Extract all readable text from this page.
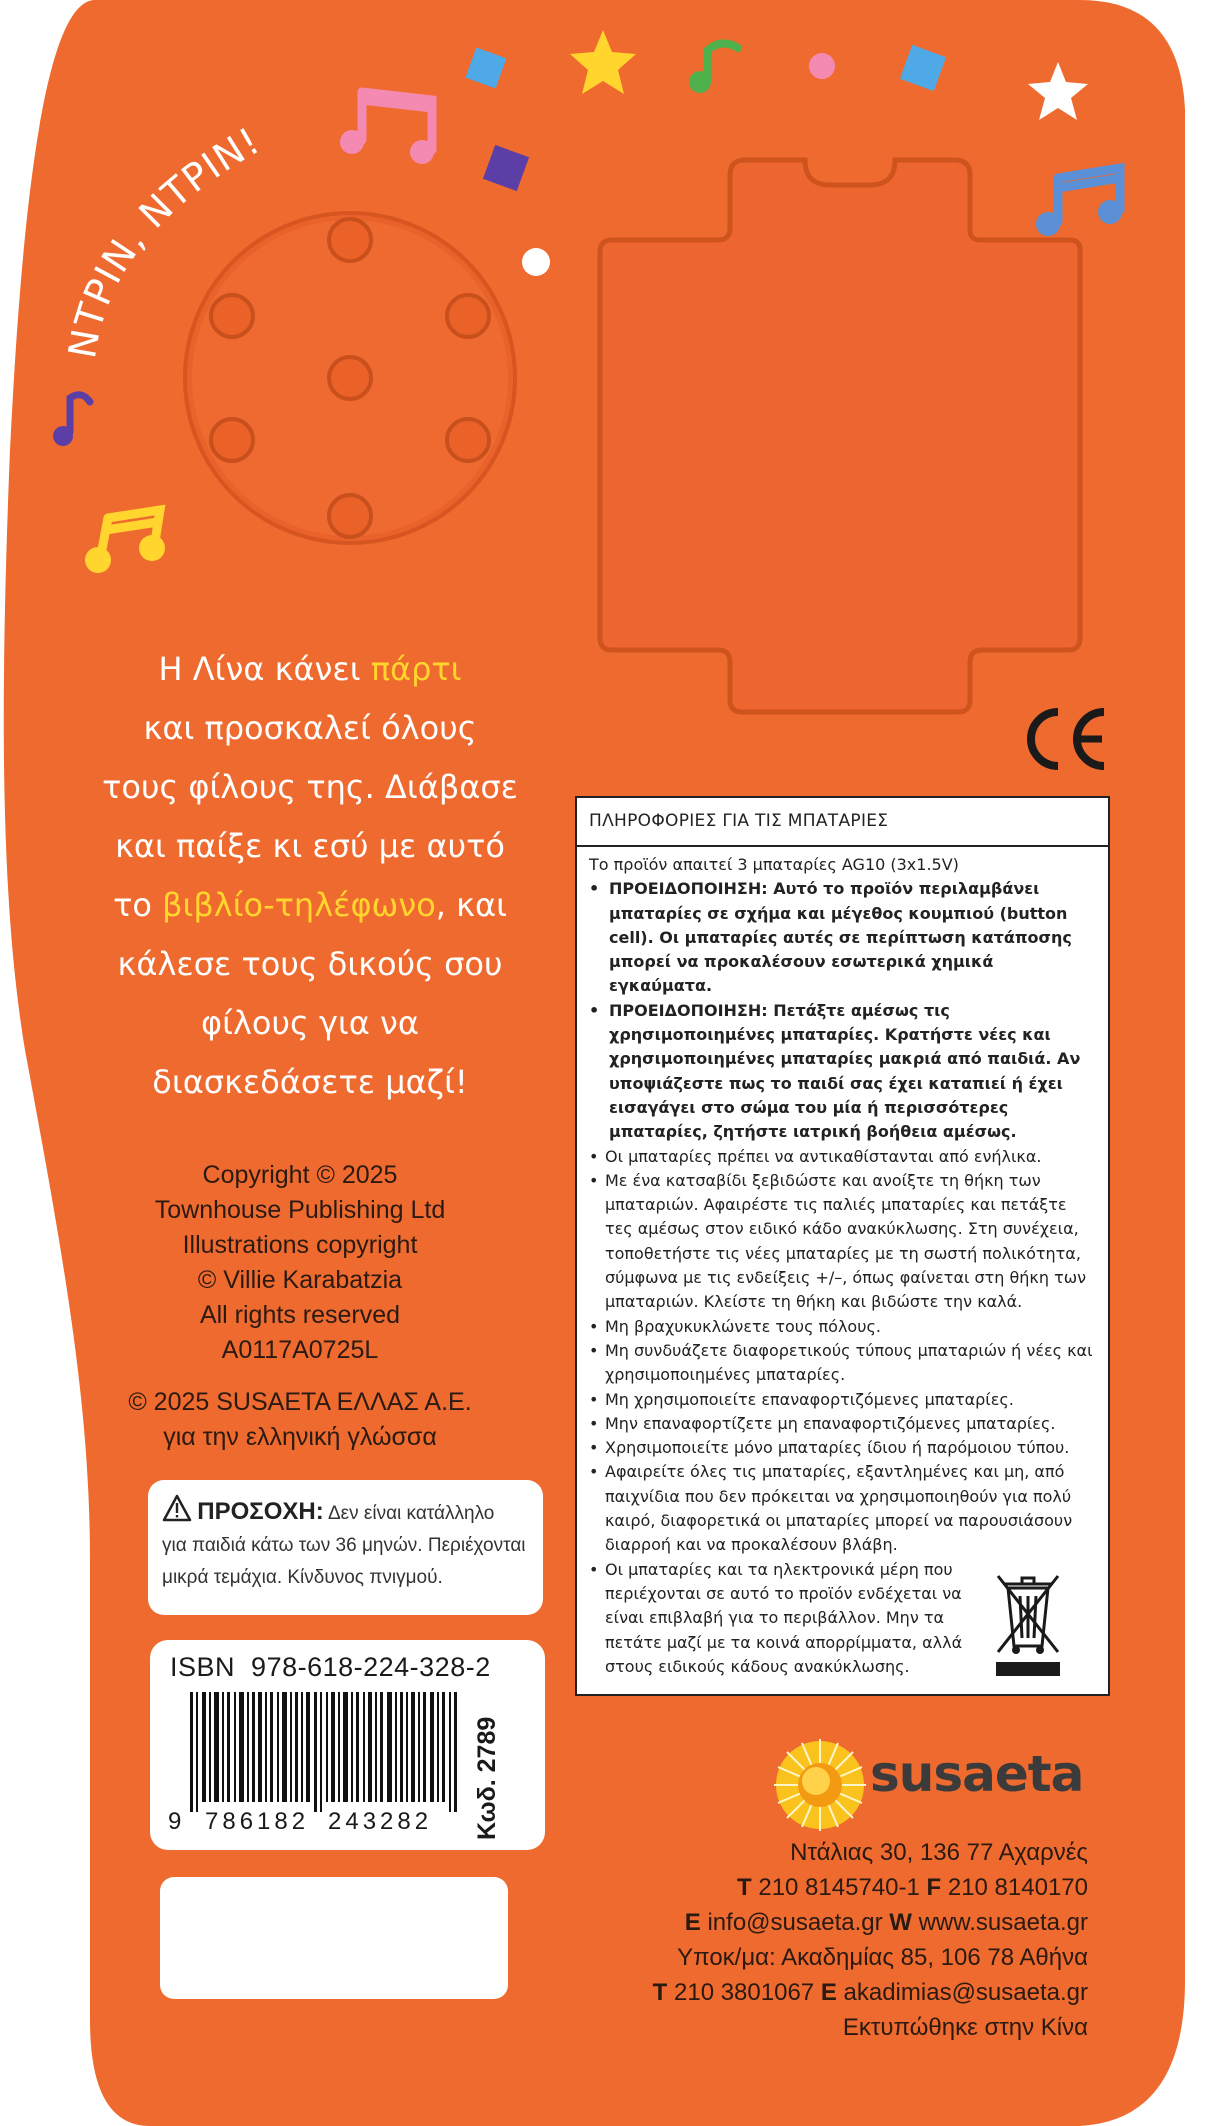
ΝΤΡΙΝ, ΝΤΡΙΝ!
Η Λίνα κάνει πάρτι
και προσκαλεί όλους
τους φίλους της. Διάβασε
και παίξε κι εσύ με αυτό
το βιβλίο-τηλέφωνο, και
κάλεσε τους δικούς σου
φίλους για να
διασκεδάσετε μαζί!
Copyright © 2025
Townhouse Publishing Ltd
Illustrations copyright
© Villie Karabatzia
All rights reserved
A0117A0725L
© 2025 SUSAETA ΕΛΛΑΣ Α.Ε.
για την ελληνική γλώσσα
ΠΡΟΣΟΧΗ: Δεν είναι κατάλληλο
για παιδιά κάτω των 36 μηνών. Περιέχονται
μικρά τεμάχια. Κίνδυνος πνιγμού.
ISBN 978-618-224-328-2
9 786182 243282 Κωδ. 2789
ΠΛΗΡΟΦΟΡΙΕΣ ΓΙΑ ΤΙΣ ΜΠΑΤΑΡΙΕΣ
Το προϊόν απαιτεί 3 μπαταρίες AG10 (3x1.5V)
• ΠΡΟΕΙΔΟΠΟΙΗΣΗ: Αυτό το προϊόν περιλαμβάνει μπαταρίες σε σχήμα και μέγεθος κουμπιού (button cell). Οι μπαταρίες αυτές σε περίπτωση κατάποσης μπορεί να προκαλέσουν εσωτερικά χημικά εγκαύματα.
• ΠΡΟΕΙΔΟΠΟΙΗΣΗ: Πετάξτε αμέσως τις χρησιμοποιημένες μπαταρίες. Κρατήστε νέες και χρησιμοποιημένες μπαταρίες μακριά από παιδιά. Αν υποψιάζεστε πως το παιδί σας έχει καταπιεί ή έχει εισαγάγει στο σώμα του μία ή περισσότερες μπαταρίες, ζητήστε ιατρική βοήθεια αμέσως.
• Οι μπαταρίες πρέπει να αντικαθίστανται από ενήλικα.
• Με ένα κατσαβίδι ξεβιδώστε και ανοίξτε τη θήκη των μπαταριών. Αφαιρέστε τις παλιές μπαταρίες και πετάξτε τες αμέσως στον ειδικό κάδο ανακύκλωσης. Στη συνέχεια, τοποθετήστε τις νέες μπαταρίες με τη σωστή πολικότητα, σύμφωνα με τις ενδείξεις +/–, όπως φαίνεται στη θήκη των μπαταριών. Κλείστε τη θήκη και βιδώστε την καλά.
• Μη βραχυκυκλώνετε τους πόλους.
• Μη συνδυάζετε διαφορετικούς τύπους μπαταριών ή νέες και χρησιμοποιημένες μπαταρίες.
• Μη χρησιμοποιείτε επαναφορτιζόμενες μπαταρίες.
• Μην επαναφορτίζετε μη επαναφορτιζόμενες μπαταρίες.
• Χρησιμοποιείτε μόνο μπαταρίες ίδιου ή παρόμοιου τύπου.
• Αφαιρείτε όλες τις μπαταρίες, εξαντλημένες και μη, από παιχνίδια που δεν πρόκειται να χρησιμοποιηθούν για πολύ καιρό, διαφορετικά οι μπαταρίες μπορεί να παρουσιάσουν διαρροή και να προκαλέσουν βλάβη.
• Οι μπαταρίες και τα ηλεκτρονικά μέρη που περιέχονται σε αυτό το προϊόν ενδέχεται να είναι επιβλαβή για το περιβάλλον. Μην τα πετάτε μαζί με τα κοινά απορρίμματα, αλλά στους ειδικούς κάδους ανακύκλωσης.
susaeta
Ντάλιας 30, 136 77 Αχαρνές
T 210 8145740-1 F 210 8140170
E info@susaeta.gr W www.susaeta.gr
Υποκ/μα: Ακαδημίας 85, 106 78 Αθήνα
T 210 3801067 E akadimias@susaeta.gr
Εκτυπώθηκε στην Κίνα
